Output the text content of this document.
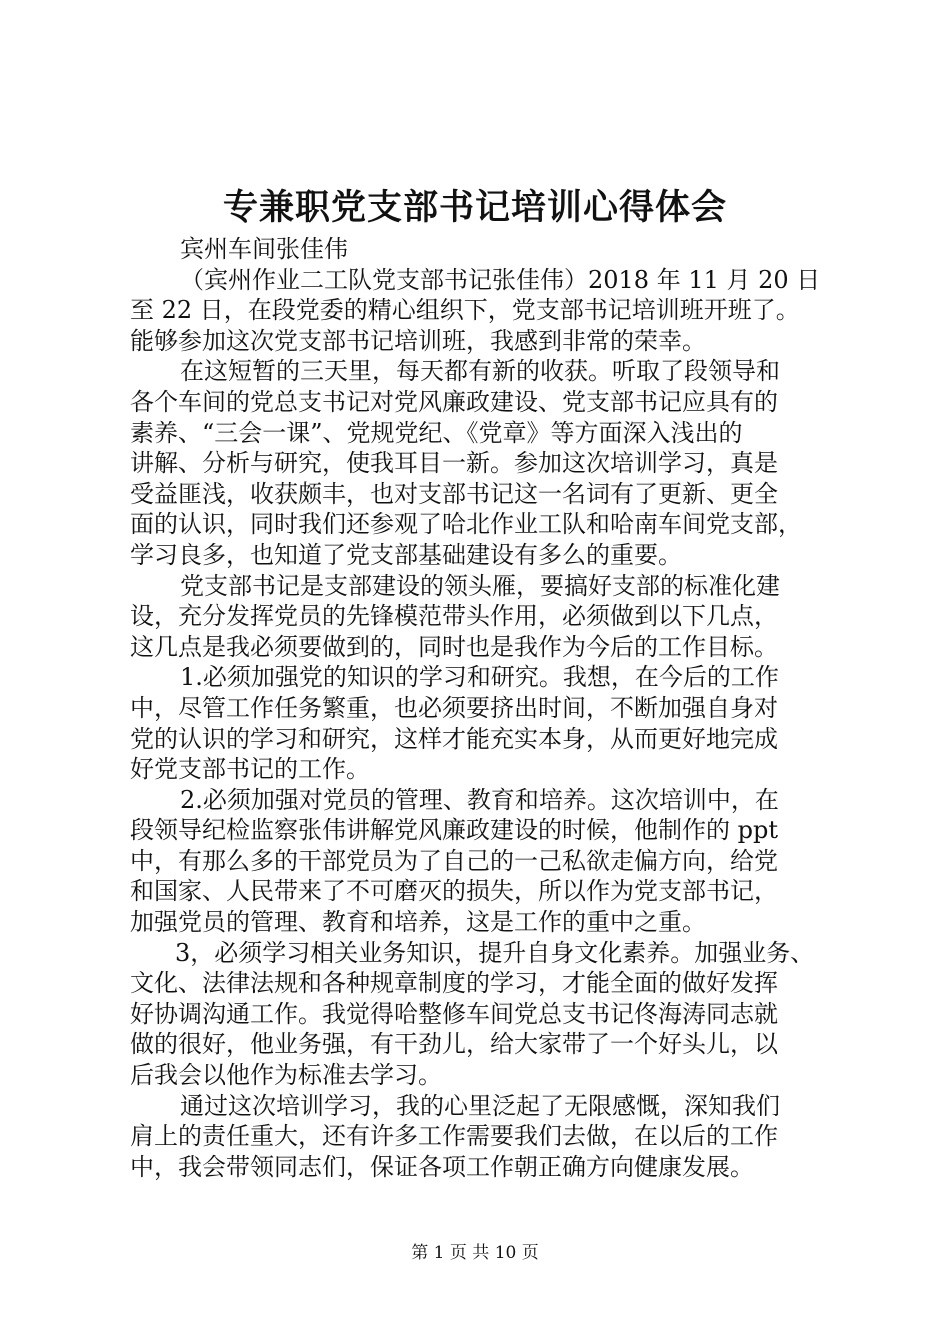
专兼职党支部书记培训心得体会
宾州车间张佳伟
（宾州作业二工队党支部书记张佳伟）2018 年 11 月 20 日
至 22 日，在段党委的精心组织下，党支部书记培训班开班了。
能够参加这次党支部书记培训班，我感到非常的荣幸。
在这短暂的三天里，每天都有新的收获。听取了段领导和
各个车间的党总支书记对党风廉政建设、党支部书记应具有的
素养、“三会一课”、党规党纪、《党章》等方面深入浅出的
讲解、分析与研究，使我耳目一新。参加这次培训学习，真是
受益匪浅，收获颇丰，也对支部书记这一名词有了更新、更全
面的认识，同时我们还参观了哈北作业工队和哈南车间党支部，
学习良多，也知道了党支部基础建设有多么的重要。
党支部书记是支部建设的领头雁，要搞好支部的标准化建
设，充分发挥党员的先锋模范带头作用，必须做到以下几点，
这几点是我必须要做到的，同时也是我作为今后的工作目标。
1.必须加强党的知识的学习和研究。我想，在今后的工作
中，尽管工作任务繁重，也必须要挤出时间，不断加强自身对
党的认识的学习和研究，这样才能充实本身，从而更好地完成
好党支部书记的工作。
2.必须加强对党员的管理、教育和培养。这次培训中，在
段领导纪检监察张伟讲解党风廉政建设的时候，他制作的 ppt
中，有那么多的干部党员为了自己的一己私欲走偏方向，给党
和国家、人民带来了不可磨灭的损失，所以作为党支部书记，
加强党员的管理、教育和培养，这是工作的重中之重。
3，必须学习相关业务知识，提升自身文化素养。加强业务、
文化、法律法规和各种规章制度的学习，才能全面的做好发挥
好协调沟通工作。我觉得哈整修车间党总支书记佟海涛同志就
做的很好，他业务强，有干劲儿，给大家带了一个好头儿，以
后我会以他作为标准去学习。
通过这次培训学习，我的心里泛起了无限感慨，深知我们
肩上的责任重大，还有许多工作需要我们去做，在以后的工作
中，我会带领同志们，保证各项工作朝正确方向健康发展。
第 1 页 共 10 页
